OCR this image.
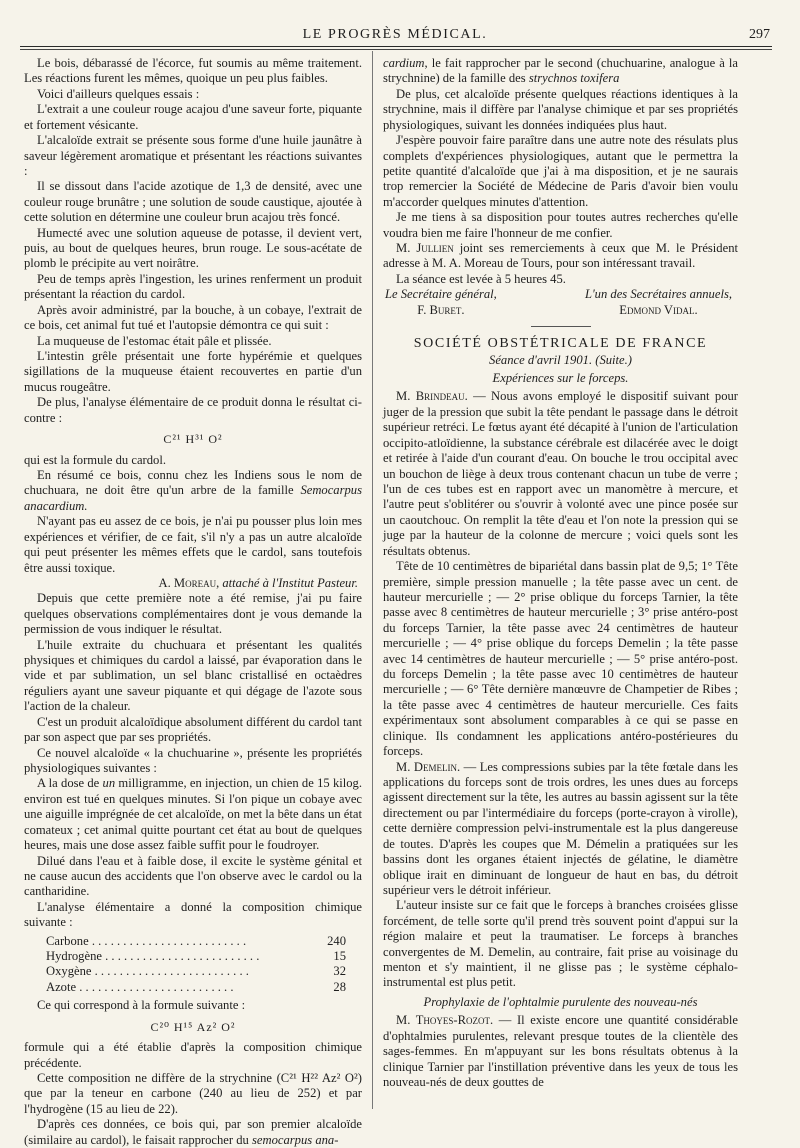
LE PROGRÈS MÉDICAL.	297

Le bois, débarassé de l'écorce, fut soumis au même traitement. Les réactions furent les mêmes, quoique un peu plus faibles.

Voici d'ailleurs quelques essais :

L'extrait a une couleur rouge acajou d'une saveur forte, piquante et fortement vésicante.

L'alcaloïde extrait se présente sous forme d'une huile jaunâtre à saveur légèrement aromatique et présentant les réactions suivantes :

Il se dissout dans l'acide azotique de 1,3 de densité, avec une couleur rouge brunâtre ; une solution de soude caustique, ajoutée à cette solution en détermine une couleur brun acajou très foncé.

Humecté avec une solution aqueuse de potasse, il devient vert, puis, au bout de quelques heures, brun rouge. Le sous-acétate de plomb le précipite au vert noirâtre.

Peu de temps après l'ingestion, les urines renferment un produit présentant la réaction du cardol.

Après avoir administré, par la bouche, à un cobaye, l'extrait de ce bois, cet animal fut tué et l'autopsie démontra ce qui suit :

La muqueuse de l'estomac était pâle et plissée.

L'intestin grêle présentait une forte hypérémie et quelques sigillations de la muqueuse étaient recouvertes en partie d'un mucus rougeâtre.

De plus, l'analyse élémentaire de ce produit donna le résultat ci-contre :

C²¹ H³¹ O²

qui est la formule du cardol.

En résumé ce bois, connu chez les Indiens sous le nom de chuchuara, ne doit être qu'un arbre de la famille Semocarpus anacardium.

N'ayant pas eu assez de ce bois, je n'ai pu pousser plus loin mes expériences et vérifier, de ce fait, s'il n'y a pas un autre alcaloïde qui peut présenter les mêmes effets que le cardol, sans toutefois être aussi toxique.

A. Moreau, attaché à l'Institut Pasteur.

Depuis que cette première note a été remise, j'ai pu faire quelques observations complémentaires dont je vous demande la permission de vous indiquer le résultat.

L'huile extraite du chuchuara et présentant les qualités physiques et chimiques du cardol a laissé, par évaporation dans le vide et par sublimation, un sel blanc cristallisé en octaèdres réguliers ayant une saveur piquante et qui dégage de l'azote sous l'action de la chaleur.

C'est un produit alcaloïdique absolument différent du cardol tant par son aspect que par ses propriétés.

Ce nouvel alcaloïde « la chuchuarine », présente les propriétés physiologiques suivantes :

A la dose de un milligramme, en injection, un chien de 15 kilog. environ est tué en quelques minutes. Si l'on pique un cobaye avec une aiguille imprégnée de cet alcaloïde, on met la bête dans un état comateux ; cet animal quitte pourtant cet état au bout de quelques heures, mais une dose assez faible suffit pour le foudroyer.

Dilué dans l'eau et à faible dose, il excite le système génital et ne cause aucun des accidents que l'on observe avec le cardol ou la cantharidine.

L'analyse élémentaire a donné la composition chimique suivante :

Carbone . . .	240
Hydrogène . . .	15
Oxygène . . .	32
Azote . . .	28

Ce qui correspond à la formule suivante :

C²⁰ H¹⁵ Az² O²

formule qui a été établie d'après la composition chimique précédente.

Cette composition ne diffère de la strychnine (C²¹ H²² Az² O²) que par la teneur en carbone (240 au lieu de 252) et par l'hydrogène (15 au lieu de 22).

D'après ces données, ce bois qui, par son premier alcaloïde (similaire au cardol), le faisait rapprocher du semocarpus ana-

cardium, le fait rapprocher par le second (chuchuarine, analogue à la strychnine) de la famille des strychnos toxifera

De plus, cet alcaloïde présente quelques réactions identiques à la strychnine, mais il diffère par l'analyse chimique et par ses propriétés physiologiques, suivant les données indiquées plus haut.

J'espère pouvoir faire paraître dans une autre note des résulats plus complets d'expériences physiologiques, autant que le permettra la petite quantité d'alcaloïde que j'ai à ma disposition, et je ne saurais trop remercier la Société de Médecine de Paris d'avoir bien voulu m'accorder quelques minutes d'attention.

Je me tiens à sa disposition pour toutes autres recherches qu'elle voudra bien me faire l'honneur de me confier.

M. Jullien joint ses remerciements à ceux que M. le Président adresse à M. A. Moreau de Tours, pour son intéressant travail.

La séance est levée à 5 heures 45.

Le Secrétaire général,
F. Buret.
L'un des Secrétaires annuels,
Edmond Vidal.
SOCIÉTÉ OBSTÉTRICALE DE FRANCE
Séance d'avril 1901. (Suite.)
Expériences sur le forceps.

M. Brindeau. — Nous avons employé le dispositif suivant pour juger de la pression que subit la tête pendant le passage dans le détroit supérieur retréci. Le fœtus ayant été décapité à l'union de l'articulation occipito-atloïdienne, la substance cérébrale est dilacérée avec le doigt et retirée à l'aide d'un courant d'eau. On bouche le trou occipital avec un bouchon de liège à deux trous contenant chacun un tube de verre ; l'un de ces tubes est en rapport avec un manomètre à mercure, et l'autre peut s'oblitérer ou s'ouvrir à volonté avec une pince posée sur un caoutchouc. On remplit la tête d'eau et l'on note la pression qui se juge par la hauteur de la colonne de mercure ; voici quels sont les résultats obtenus.

Tête de 10 centimètres de bipariétal dans bassin plat de 9,5; 1° Tête première, simple pression manuelle ; la tête passe avec un cent. de hauteur mercurielle ; — 2° prise oblique du forceps Tarnier, la tête passe avec 8 centimètres de hauteur mercurielle ; 3° prise antéro-post du forceps Tarnier, la tête passe avec 24 centimètres de hauteur mercurielle ; — 4° prise oblique du forceps Demelin ; la tête passe avec 14 centimètres de hauteur mercurielle ; — 5° prise antéro-post. du forceps Demelin ; la tête passe avec 10 centimètres de hauteur mercurielle ; — 6° Tête dernière manœuvre de Champetier de Ribes ; la tête passe avec 4 centimètres de hauteur mercurielle. Ces faits expérimentaux sont absolument comparables à ce qui se passe en clinique. Ils condamnent les applications antéro-postérieures du forceps.

M. Demelin. — Les compressions subies par la tête fœtale dans les applications du forceps sont de trois ordres, les unes dues au forceps agissent directement sur la tête, les autres au bassin agissent sur la tête directement ou par l'intermédiaire du forceps (porte-crayon à virolle), cette dernière compression pelvi-instrumentale est la plus dangereuse de toutes. D'après les coupes que M. Démelin a pratiquées sur les bassins dont les organes étaient injectés de gélatine, le diamètre oblique irait en diminuant de longueur de haut en bas, du détroit supérieur vers le détroit inférieur.

L'auteur insiste sur ce fait que le forceps à branches croisées glisse forcément, de telle sorte qu'il prend très souvent point d'appui sur la région malaire et peut la traumatiser. Le forceps à branches convergentes de M. Demelin, au contraire, fait prise au voisinage du menton et s'y maintient, il ne glisse pas ; le système céphalo-instrumental est plus petit.

Prophylaxie de l'ophtalmie purulente des nouveau-nés

M. Thoyes-Rozot. — Il existe encore une quantité considérable d'ophtalmies purulentes, relevant presque toutes de la clientèle des sages-femmes. En m'appuyant sur les bons résultats obtenus à la clinique Tarnier par l'instillation préventive dans les yeux de tous les nouveau-nés de deux gouttes de
